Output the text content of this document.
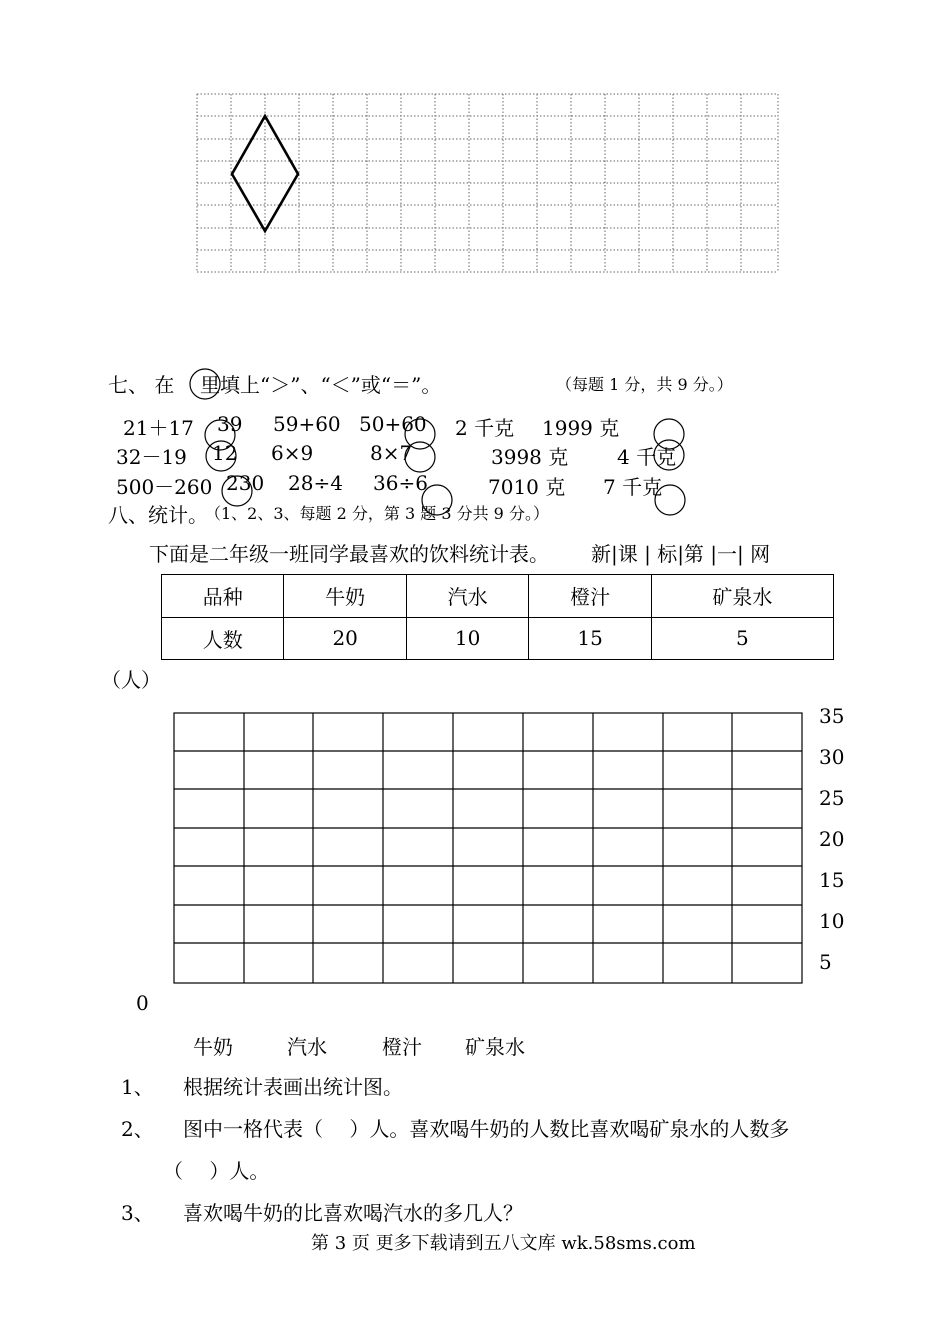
七、 在 里填上“＞”、“＜”或“＝”。	（每题 1 分，共 9 分。）
21＋17 39 59+60 50+60 2 千克 1999 克
32－19 12 6×9	8×7	3998 克 4 千克
500－260 230 28÷4 36÷6	7010 克 7 千克
八、统计。
（1、2、3、每题 2 分，第 3 题 3 分共 9 分。）
下面是二年级一班同学最喜欢的饮料统计表。 新|课 | 标|第 |一| 网
品种	牛奶	汽水	橙汁	矿泉水
人数	20	10	15	5
（人）
35
30
25
20
15
10
5
0
牛奶	汽水	橙汁 矿泉水
1、 根据统计表画出统计图。
2、 图中一格代表（　 ）人。喜欢喝牛奶的人数比喜欢喝矿泉水的人数多
（　 ）人。
3、 喜欢喝牛奶的比喜欢喝汽水的多几人？
第 3 页 更多下载请到五八文库 wk.58sms.com
